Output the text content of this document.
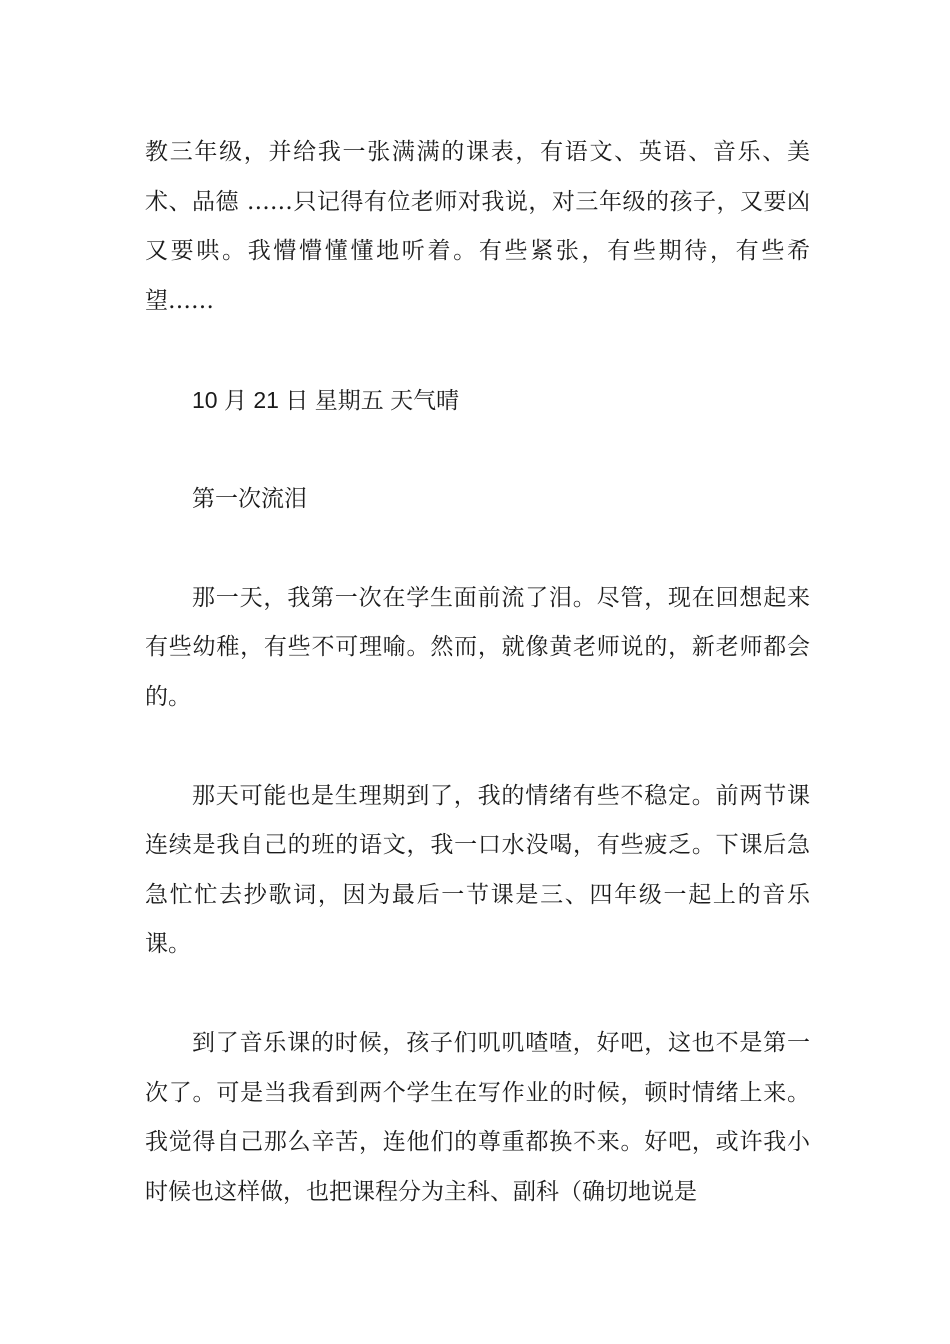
教三年级，并给我一张满满的课表，有语文、英语、音乐、美术、品德 ……只记得有位老师对我说，对三年级的孩子，又要凶又要哄。我懵懵懂懂地听着。有些紧张，有些期待，有些希望……

10 月 21 日 星期五 天气晴

第一次流泪

那一天，我第一次在学生面前流了泪。尽管，现在回想起来有些幼稚，有些不可理喻。然而，就像黄老师说的，新老师都会的。

那天可能也是生理期到了，我的情绪有些不稳定。前两节课连续是我自己的班的语文，我一口水没喝，有些疲乏。下课后急急忙忙去抄歌词，因为最后一节课是三、四年级一起上的音乐课。

到了音乐课的时候，孩子们叽叽喳喳，好吧，这也不是第一次了。可是当我看到两个学生在写作业的时候，顿时情绪上来。我觉得自己那么辛苦，连他们的尊重都换不来。好吧，或许我小时候也这样做，也把课程分为主科、副科（确切地说是
